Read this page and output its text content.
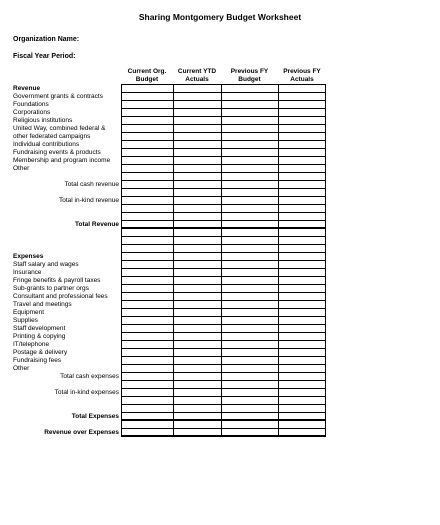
Sharing Montgomery Budget Worksheet
Organization Name:
Fiscal Year Period:
Current Org.
Budget
Current YTD
Actuals
Previous FY
Budget
Previous FY
Actuals
Revenue
Government grants & contracts
Foundations
Corporations
Religious institutions
United Way, combined federal &
other federated campaigns
Individual contributions
Fundraising events & products
Membership and program income
Other
Total cash revenue
Total in-kind revenue
Total Revenue
Expenses
Staff salary and wages
Insurance
Fringe benefits & payroll taxes
Sub-grants to partner orgs
Consultant and professional fees
Travel and meetings
Equipment
Supplies
Staff development
Printing & copying
IT/telephone
Postage & delivery
Fundraising fees
Other
Total cash expenses
Total in-kind expenses
Total Expenses
Revenue over Expenses
